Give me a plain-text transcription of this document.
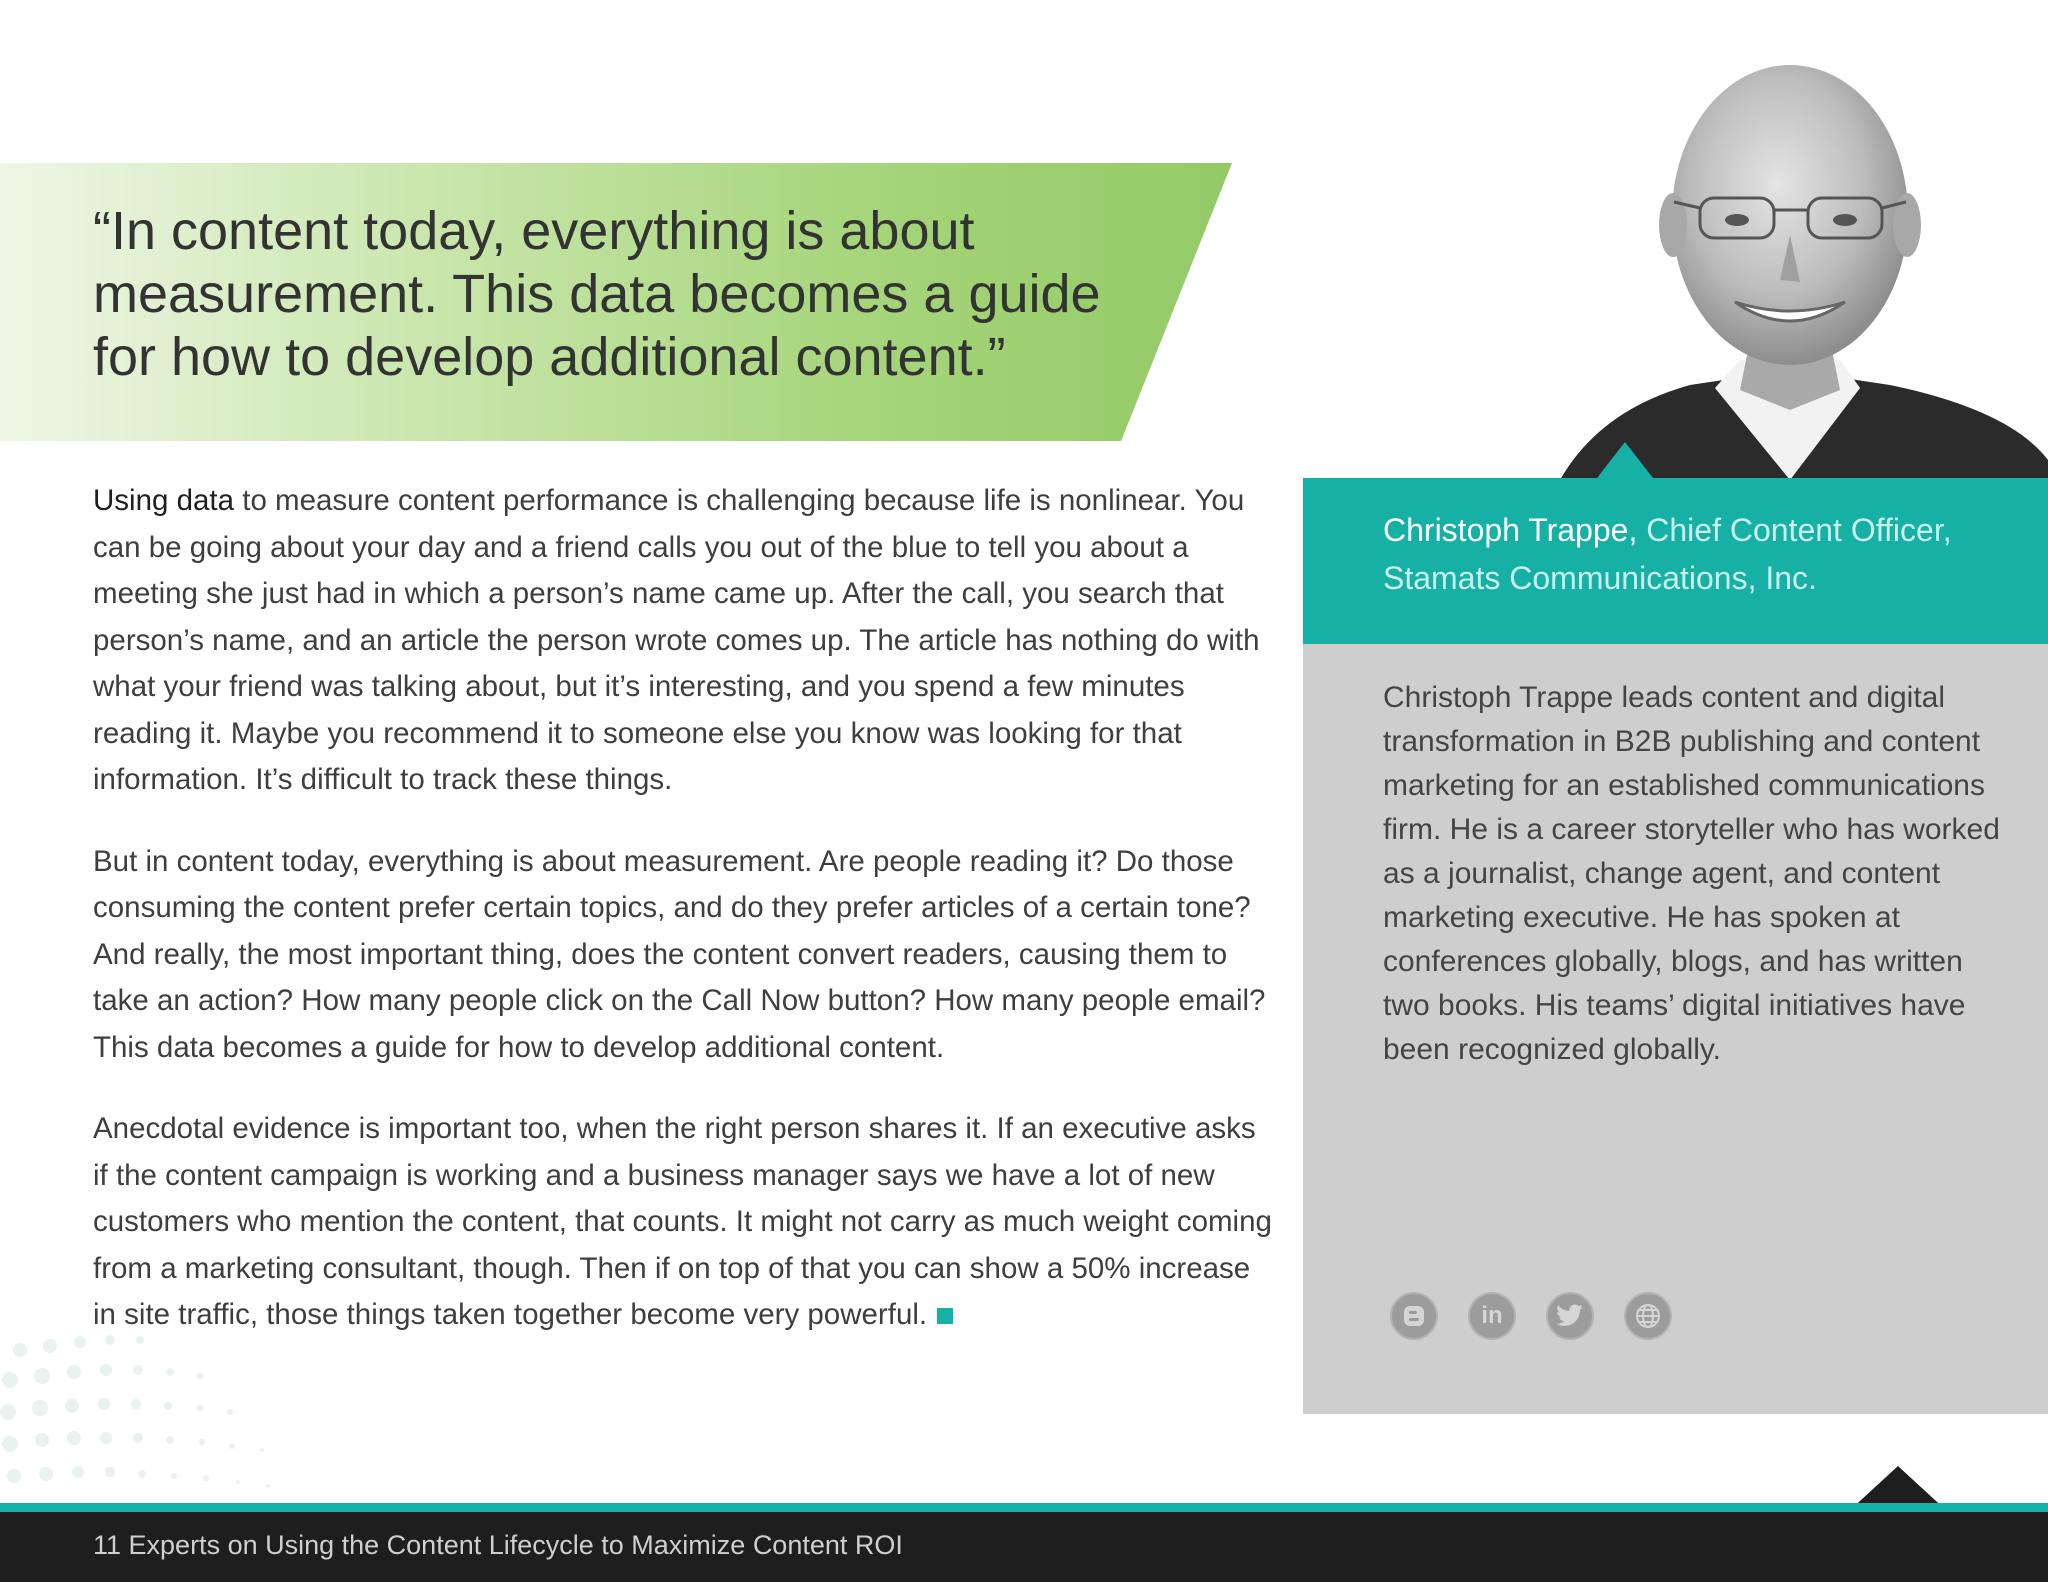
“In content today, everything is about measurement. This data becomes a guide for how to develop additional content.”

Using data to measure content performance is challenging because life is nonlinear. You can be going about your day and a friend calls you out of the blue to tell you about a meeting she just had in which a person’s name came up. After the call, you search that person’s name, and an article the person wrote comes up. The article has nothing do with what your friend was talking about, but it’s interesting, and you spend a few minutes reading it. Maybe you recommend it to someone else you know was looking for that information. It’s difficult to track these things.

But in content today, everything is about measurement. Are people reading it? Do those consuming the content prefer certain topics, and do they prefer articles of a certain tone? And really, the most important thing, does the content convert readers, causing them to take an action? How many people click on the Call Now button? How many people email? This data becomes a guide for how to develop additional content.

Anecdotal evidence is important too, when the right person shares it. If an executive asks if the content campaign is working and a business manager says we have a lot of new customers who mention the content, that counts. It might not carry as much weight coming from a marketing consultant, though. Then if on top of that you can show a 50% increase in site traffic, those things taken together become very powerful.

Christoph Trappe, Chief Content Officer, Stamats Communications, Inc.

Christoph Trappe leads content and digital transformation in B2B publishing and content marketing for an established communications firm. He is a career storyteller who has worked as a journalist, change agent, and content marketing executive. He has spoken at conferences globally, blogs, and has written two books. His teams’ digital initiatives have been recognized globally.

in
11 Experts on Using the Content Lifecycle to Maximize Content ROI
